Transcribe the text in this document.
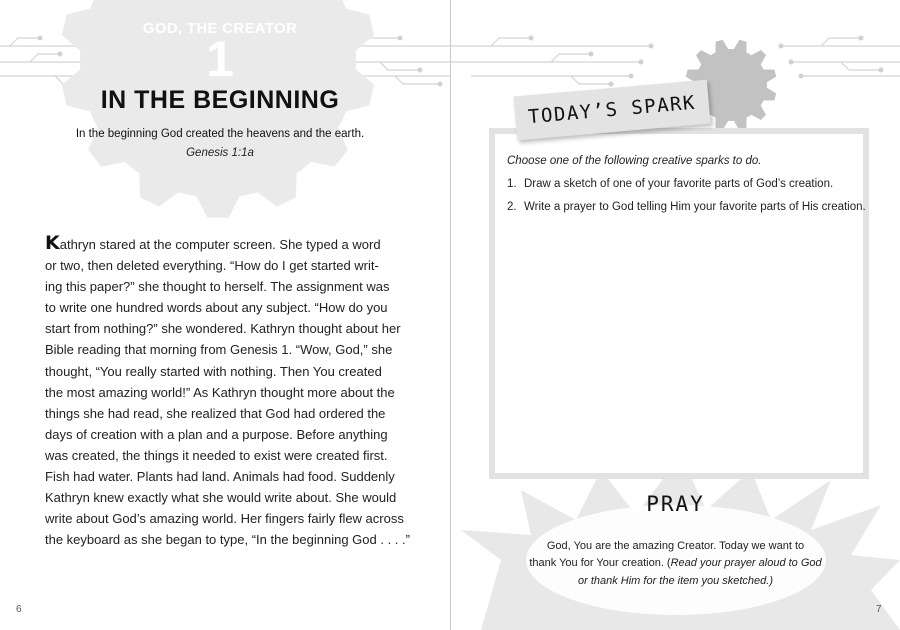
GOD, THE CREATOR
1
IN THE BEGINNING
In the beginning God created the heavens and the earth.
Genesis 1:1a
Kathryn stared at the computer screen. She typed a word
or two, then deleted everything. “How do I get started writ-
ing this paper?” she thought to herself. The assignment was
to write one hundred words about any subject. “How do you
start from nothing?” she wondered. Kathryn thought about her
Bible reading that morning from Genesis 1. “Wow, God,” she
thought, “You really started with nothing. Then You created
the most amazing world!” As Kathryn thought more about the
things she had read, she realized that God had ordered the
days of creation with a plan and a purpose. Before anything
was created, the things it needed to exist were created first.
Fish had water. Plants had land. Animals had food. Suddenly
Kathryn knew exactly what she would write about. She would
write about God’s amazing world. Her fingers fairly flew across
the keyboard as she began to type, “In the beginning God . . . .”
6
TODAY’S SPARK
Choose one of the following creative sparks to do.
1. Draw a sketch of one of your favorite parts of God’s creation.
2. Write a prayer to God telling Him your favorite parts of His creation.
PRAY
God, You are the amazing Creator. Today we want to
thank You for Your creation. (Read your prayer aloud to God
or thank Him for the item you sketched.)
7
